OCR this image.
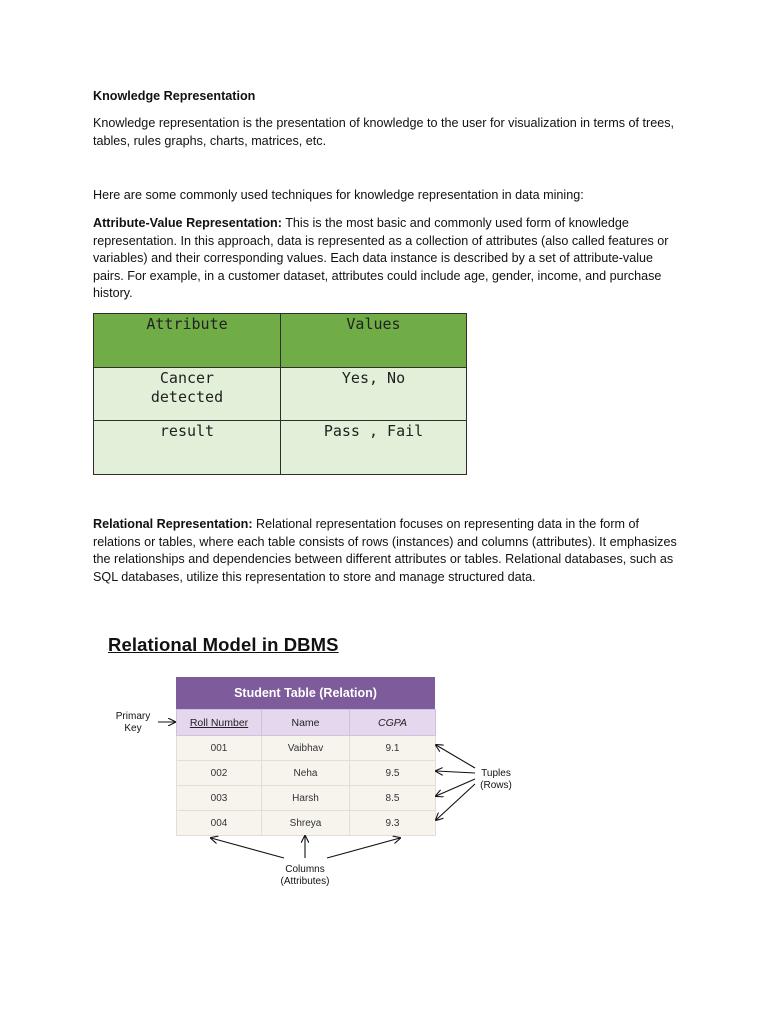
Knowledge Representation

Knowledge representation is the presentation of knowledge to the user for visualization in terms of trees, tables, rules graphs, charts, matrices, etc.

Here are some commonly used techniques for knowledge representation in data mining:

Attribute-Value Representation: This is the most basic and commonly used form of knowledge representation. In this approach, data is represented as a collection of attributes (also called features or variables) and their corresponding values. Each data instance is described by a set of attribute-value pairs. For example, in a customer dataset, attributes could include age, gender, income, and purchase history.

Attribute	Values
Cancer detected	Yes, No
result	Pass , Fail

Relational Representation: Relational representation focuses on representing data in the form of relations or tables, where each table consists of rows (instances) and columns (attributes). It emphasizes the relationships and dependencies between different attributes or tables. Relational databases, such as SQL databases, utilize this representation to store and manage structured data.

Relational Model in DBMS
Student Table (Relation)
Roll Number	Name	CGPA
001	Vaibhav	9.1
002	Neha	9.5
003	Harsh	8.5
004	Shreya	9.3
Primary
Key
Tuples
(Rows)
Columns
(Attributes)
